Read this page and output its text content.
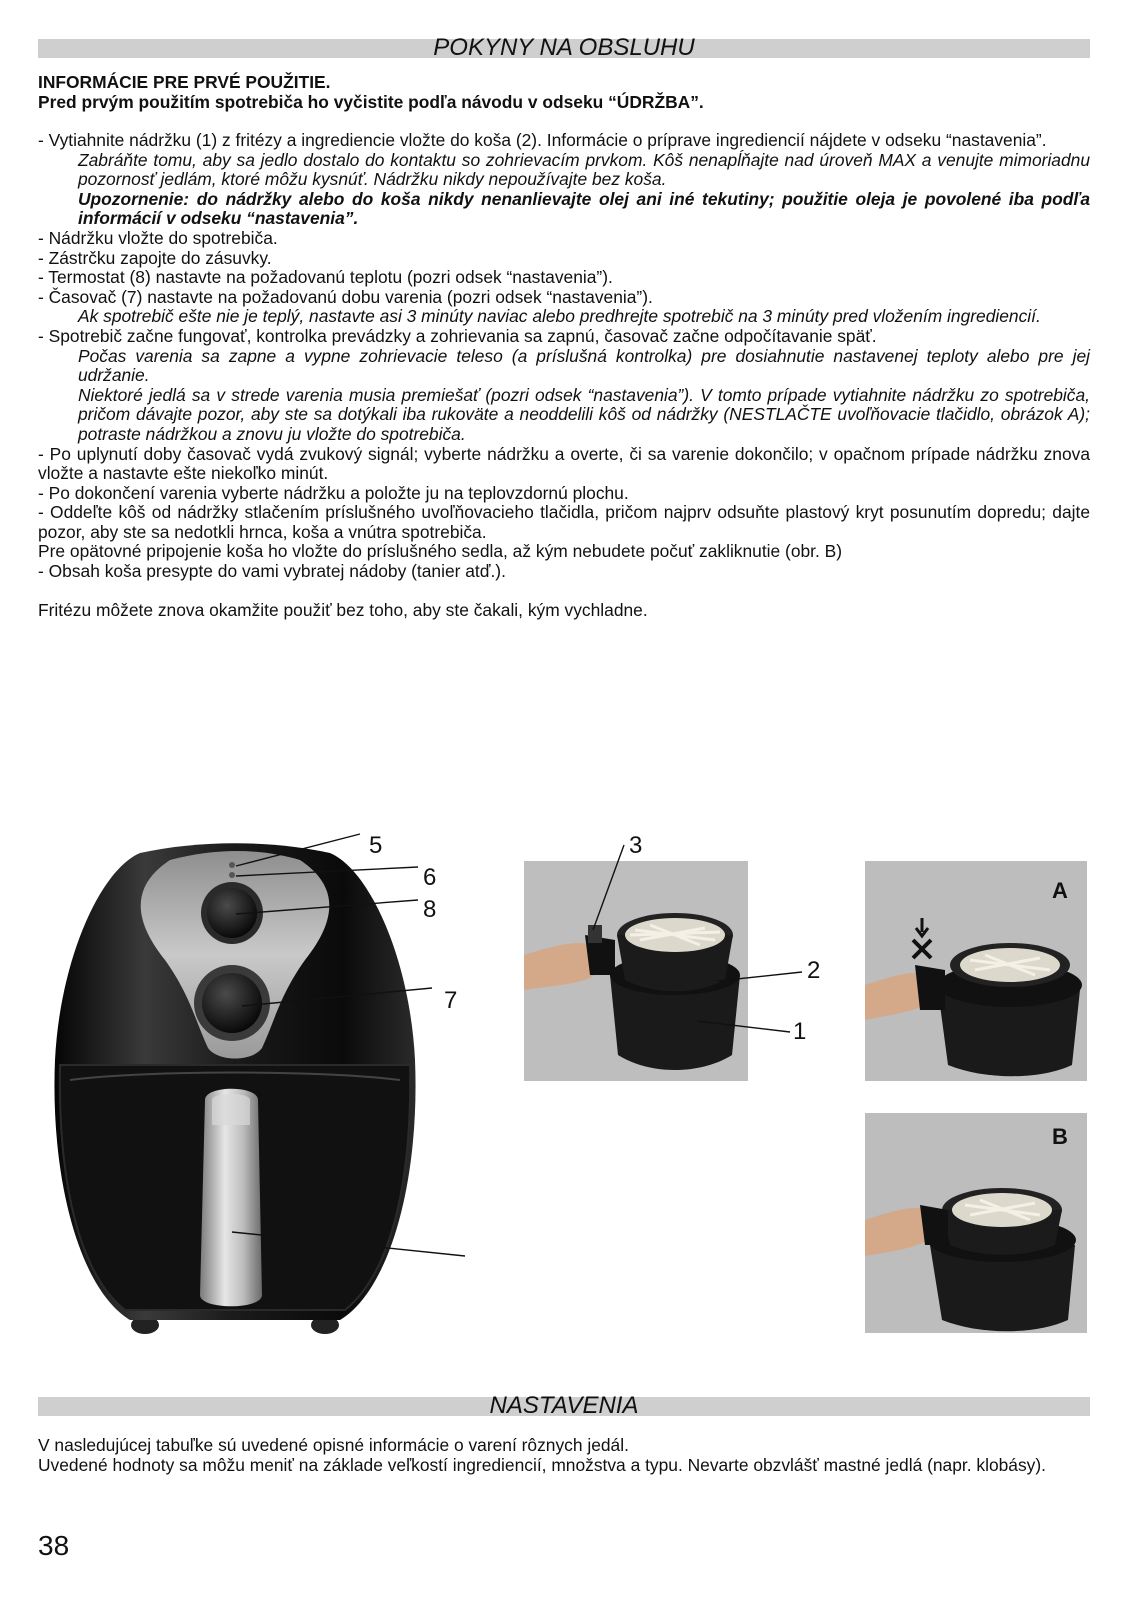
POKYNY NA OBSLUHU

INFORMÁCIE PRE PRVÉ POUŽITIE.

Pred prvým použitím spotrebiča ho vyčistite podľa návodu v odseku “ÚDRŽBA”.

- Vytiahnite nádržku (1) z fritézy a ingrediencie vložte do koša (2). Informácie o príprave ingrediencií nájdete v odseku “nastavenia”.

Zabráňte tomu, aby sa jedlo dostalo do kontaktu so zohrievacím prvkom. Kôš nenapĺňajte nad úroveň MAX a venujte mimoriadnu pozornosť jedlám, ktoré môžu kysnúť. Nádržku nikdy nepoužívajte bez koša.

Upozornenie: do nádržky alebo do koša nikdy nenanlievajte olej ani iné tekutiny; použitie oleja je povolené iba podľa informácií v odseku “nastavenia”.

- Nádržku vložte do spotrebiča.

- Zástrčku zapojte do zásuvky.

- Termostat (8) nastavte na požadovanú teplotu (pozri odsek “nastavenia”).

- Časovač (7) nastavte na požadovanú dobu varenia (pozri odsek “nastavenia”).

Ak spotrebič ešte nie je teplý, nastavte asi 3 minúty naviac alebo predhrejte spotrebič na 3 minúty pred vložením ingrediencií.

- Spotrebič začne fungovať, kontrolka prevádzky a zohrievania sa zapnú, časovač začne odpočítavanie späť.

Počas varenia sa zapne a vypne zohrievacie teleso (a príslušná kontrolka) pre dosiahnutie nastavenej teploty alebo pre jej udržanie.

Niektoré jedlá sa v strede varenia musia premiešať (pozri odsek “nastavenia”). V tomto prípade vytiahnite nádržku zo spotrebiča, pričom dávajte pozor, aby ste sa dotýkali iba rukoväte a neoddelili kôš od nádržky (NESTLAČTE uvoľňovacie tlačidlo, obrázok A); potraste nádržkou a znovu ju vložte do spotrebiča.

- Po uplynutí doby časovač vydá zvukový signál; vyberte nádržku a overte, či sa varenie dokončilo; v opačnom prípade nádržku znova vložte a nastavte ešte niekoľko minút.

- Po dokončení varenia vyberte nádržku a položte ju na teplovzdornú plochu.

- Oddeľte kôš od nádržky stlačením príslušného uvoľňovacieho tlačidla, pričom najprv odsuňte plastový kryt posunutím dopredu; dajte pozor, aby ste sa nedotkli hrnca, koša a vnútra spotrebiča.

Pre opätovné pripojenie koša ho vložte do príslušného sedla, až kým nebudete počuť zakliknutie (obr. B)

- Obsah koša presypte do vami vybratej nádoby (tanier atď.).

Fritézu môžete znova okamžite použiť bez toho, aby ste čakali, kým vychladne.

5
6
8
7
3
2
1
A
B
NASTAVENIA

V nasledujúcej tabuľke sú uvedené opisné informácie o varení rôznych jedál.

Uvedené hodnoty sa môžu meniť na základe veľkostí ingrediencií, množstva a typu. Nevarte obzvlášť mastné jedlá (napr. klobásy).

38
